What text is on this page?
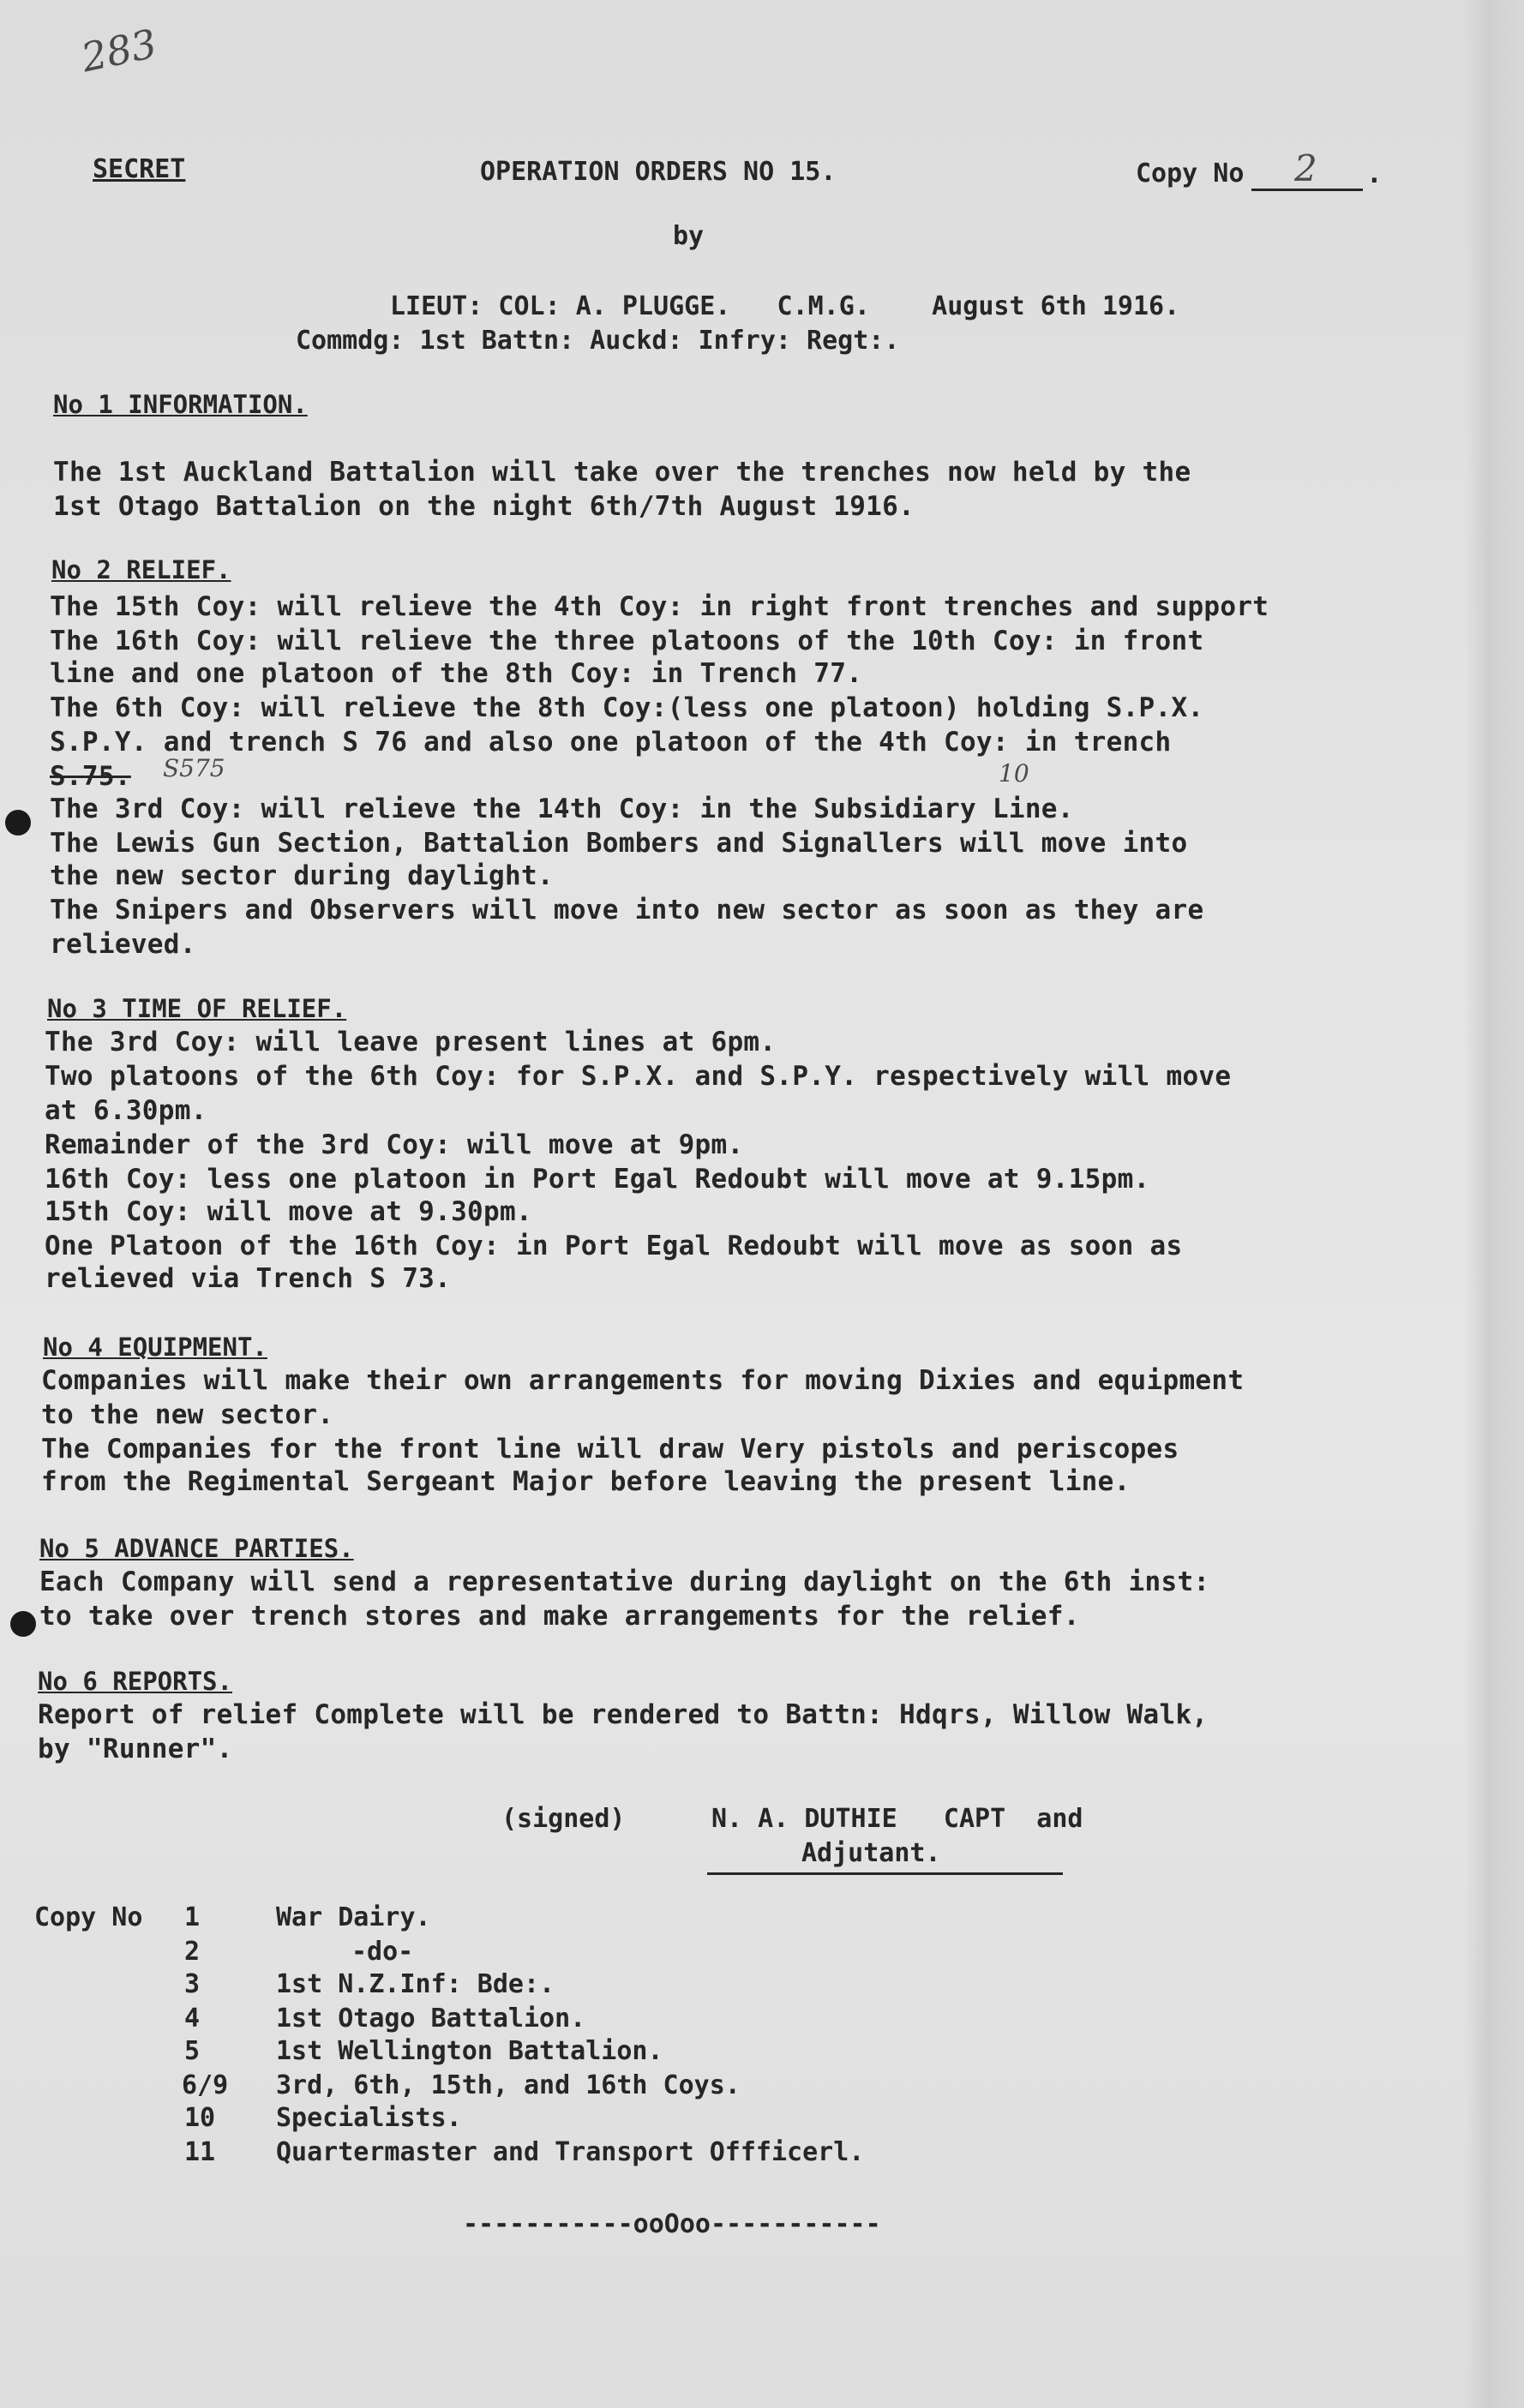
283
SECRET	OPERATION ORDERS NO 15.	Copy No 2 .
by
LIEUT: COL: A. PLUGGE.   C.M.G.    August 6th 1916.
Commdg: 1st Battn: Auckd: Infry: Regt:.
No 1 INFORMATION.
The 1st Auckland Battalion will take over the trenches now held by the
1st Otago Battalion on the night 6th/7th August 1916.
No 2 RELIEF.
The 15th Coy: will relieve the 4th Coy: in right front trenches and support
The 16th Coy: will relieve the three platoons of the 10th Coy: in front
line and one platoon of the 8th Coy: in Trench 77.
The 6th Coy: will relieve the 8th Coy:(less one platoon) holding S.P.X.
S.P.Y. and trench S 76 and also one platoon of the 4th Coy: in trench
S.75. S575	10
The 3rd Coy: will relieve the 14th Coy: in the Subsidiary Line.
The Lewis Gun Section, Battalion Bombers and Signallers will move into
the new sector during daylight.
The Snipers and Observers will move into new sector as soon as they are
relieved.
No 3 TIME OF RELIEF.
The 3rd Coy: will leave present lines at 6pm.
Two platoons of the 6th Coy: for S.P.X. and S.P.Y. respectively will move
at 6.30pm.
Remainder of the 3rd Coy: will move at 9pm.
16th Coy: less one platoon in Port Egal Redoubt will move at 9.15pm.
15th Coy: will move at 9.30pm.
One Platoon of the 16th Coy: in Port Egal Redoubt will move as soon as
relieved via Trench S 73.
No 4 EQUIPMENT.
Companies will make their own arrangements for moving Dixies and equipment
to the new sector.
The Companies for the front line will draw Very pistols and periscopes
from the Regimental Sergeant Major before leaving the present line.
No 5 ADVANCE PARTIES.
Each Company will send a representative during daylight on the 6th inst:
to take over trench stores and make arrangements for the relief.
No 6 REPORTS.
Report of relief Complete will be rendered to Battn: Hdqrs, Willow Walk,
by "Runner".
(signed)	N. A. DUTHIE   CAPT  and
Adjutant.
Copy No 1	War Dairy.
2	-do-
3	1st N.Z.Inf: Bde:.
4	1st Otago Battalion.
5	1st Wellington Battalion.
6/9 3rd, 6th, 15th, and 16th Coys.
10 Specialists.
11 Quartermaster and Transport Offficerl.
-----------ooOoo-----------
